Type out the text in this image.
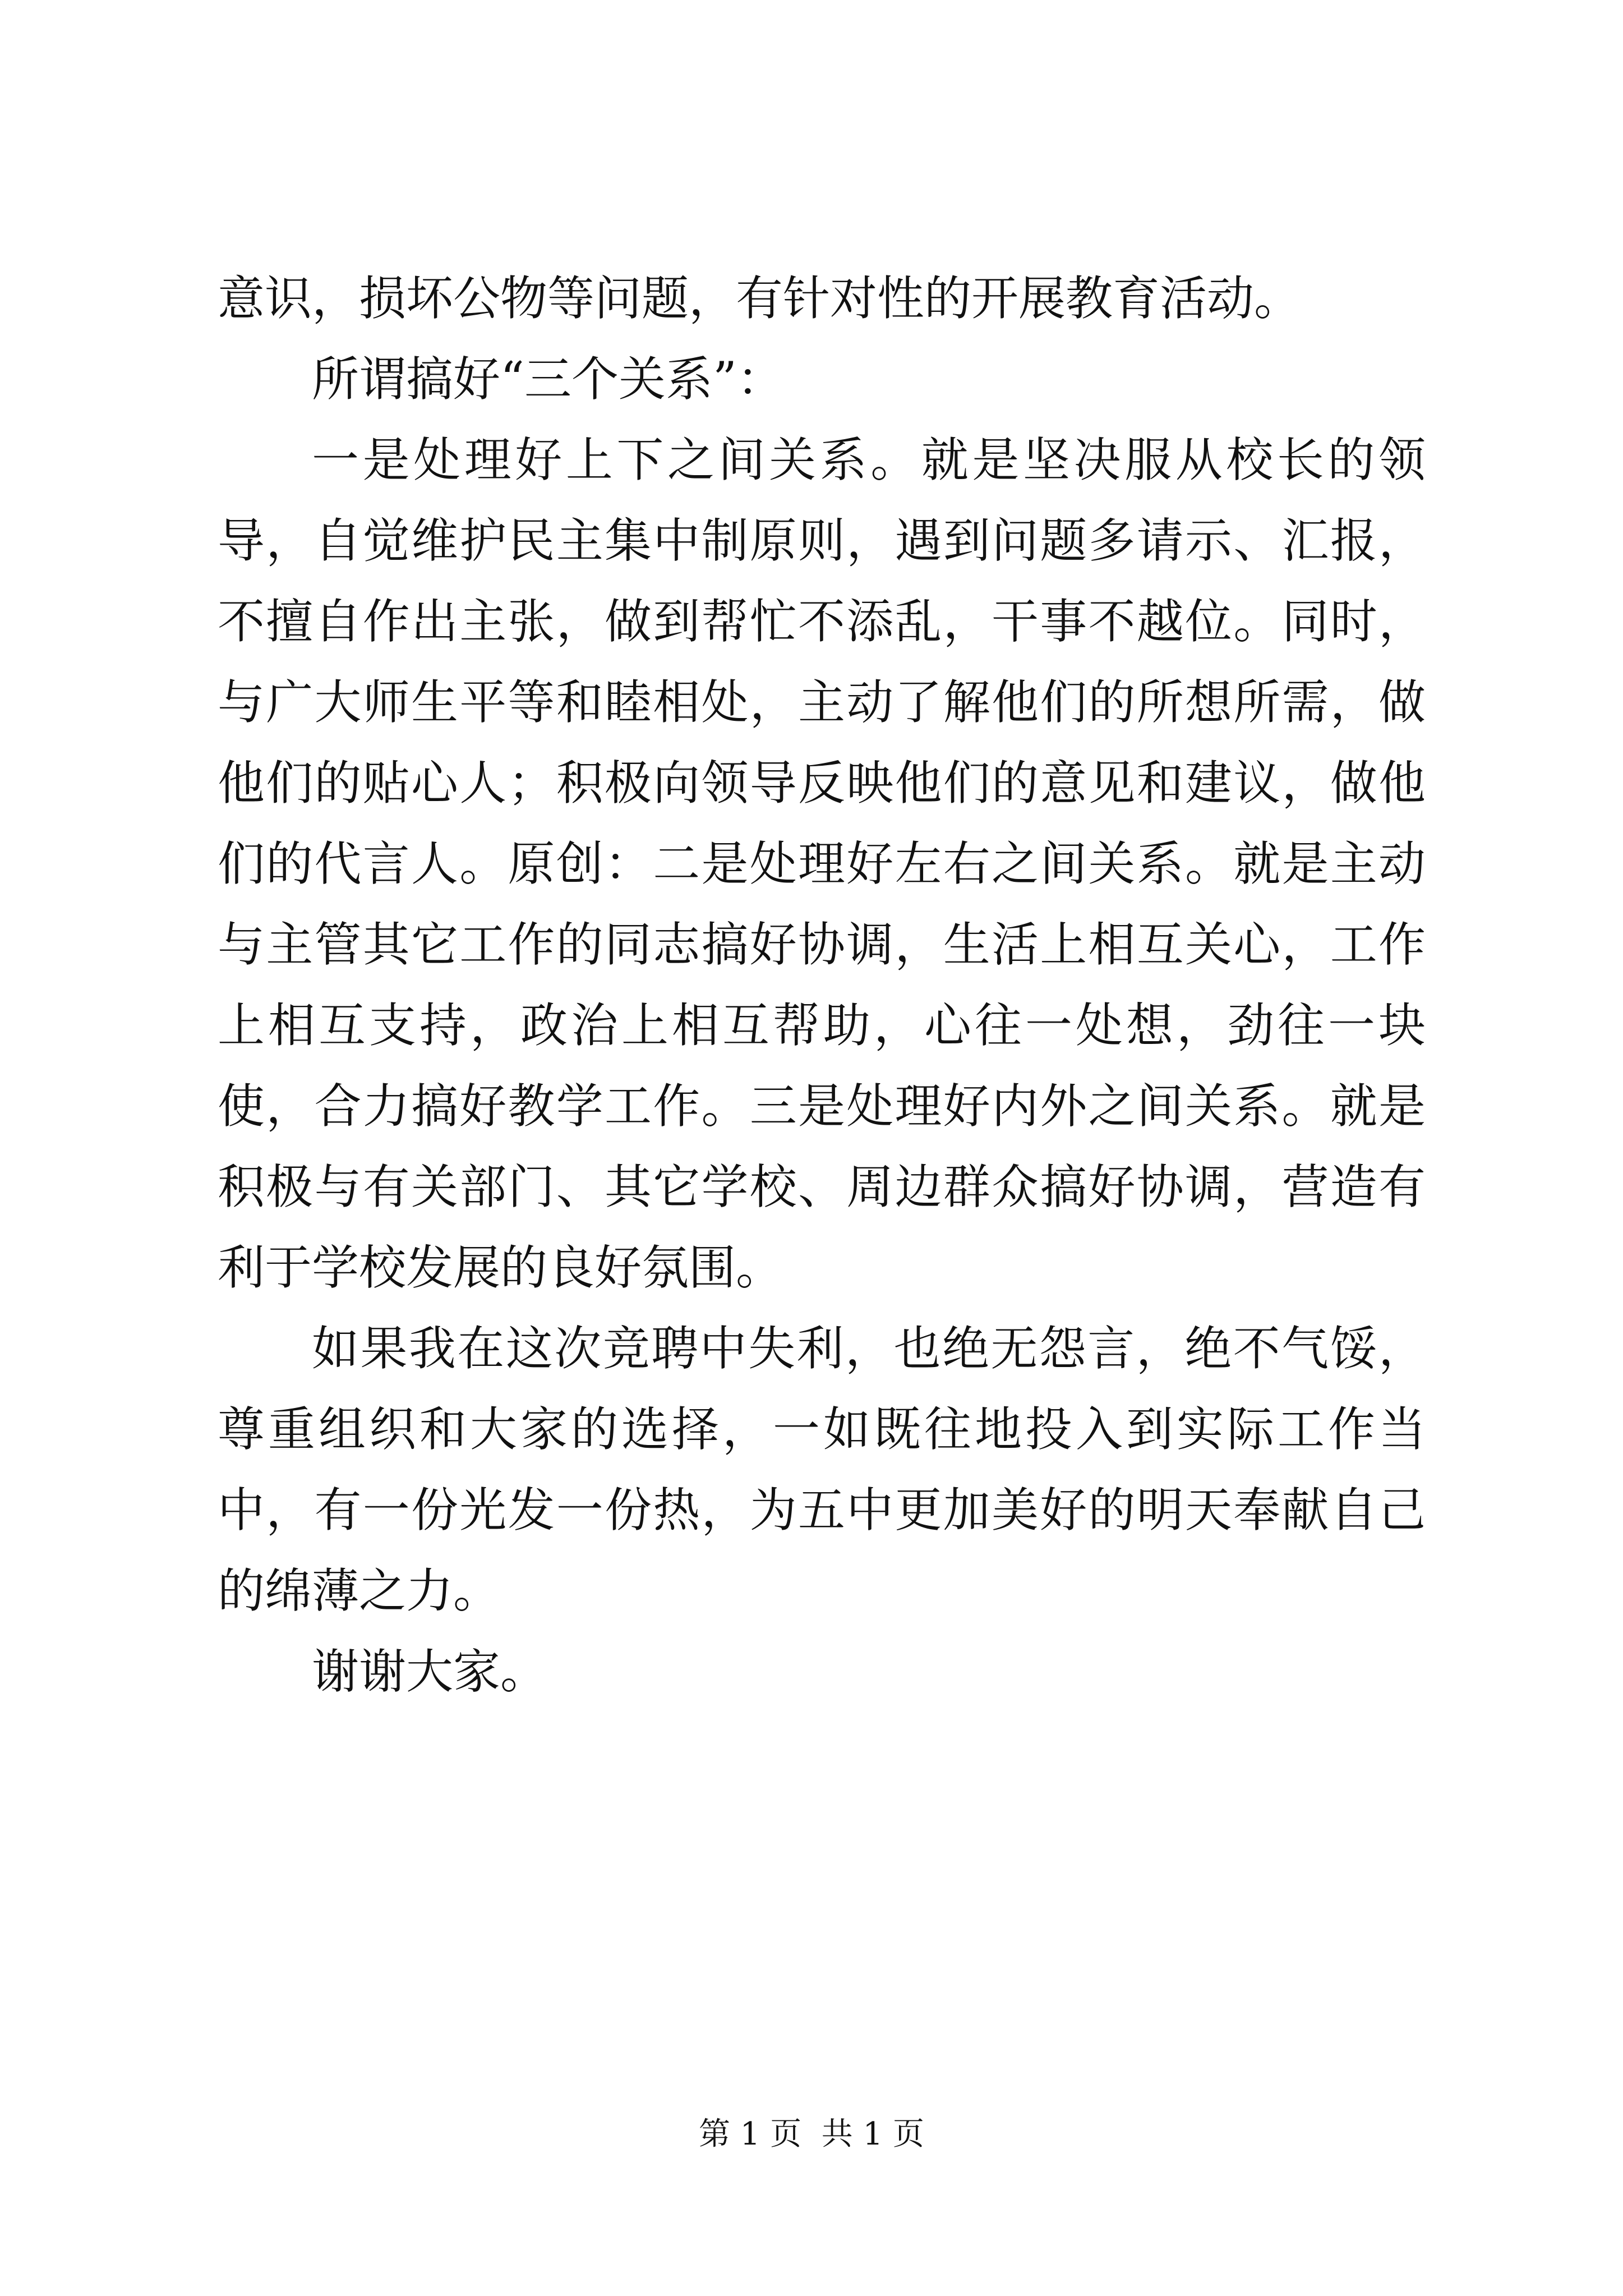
意识，损坏公物等问题，有针对性的开展教育活动。

所谓搞好“三个关系”：

一是处理好上下之间关系。就是坚决服从校长的领导，自觉维护民主集中制原则，遇到问题多请示、汇报，不擅自作出主张，做到帮忙不添乱，干事不越位。同时，与广大师生平等和睦相处，主动了解他们的所想所需，做他们的贴心人；积极向领导反映他们的意见和建议，做他们的代言人。原创：二是处理好左右之间关系。就是主动与主管其它工作的同志搞好协调，生活上相互关心，工作上相互支持，政治上相互帮助，心往一处想，劲往一块使，合力搞好教学工作。三是处理好内外之间关系。就是积极与有关部门、其它学校、周边群众搞好协调，营造有利于学校发展的良好氛围。

如果我在这次竞聘中失利，也绝无怨言，绝不气馁，尊重组织和大家的选择，一如既往地投入到实际工作当中，有一份光发一份热，为五中更加美好的明天奉献自己的绵薄之力。

谢谢大家。

第 1 页  共 1 页
